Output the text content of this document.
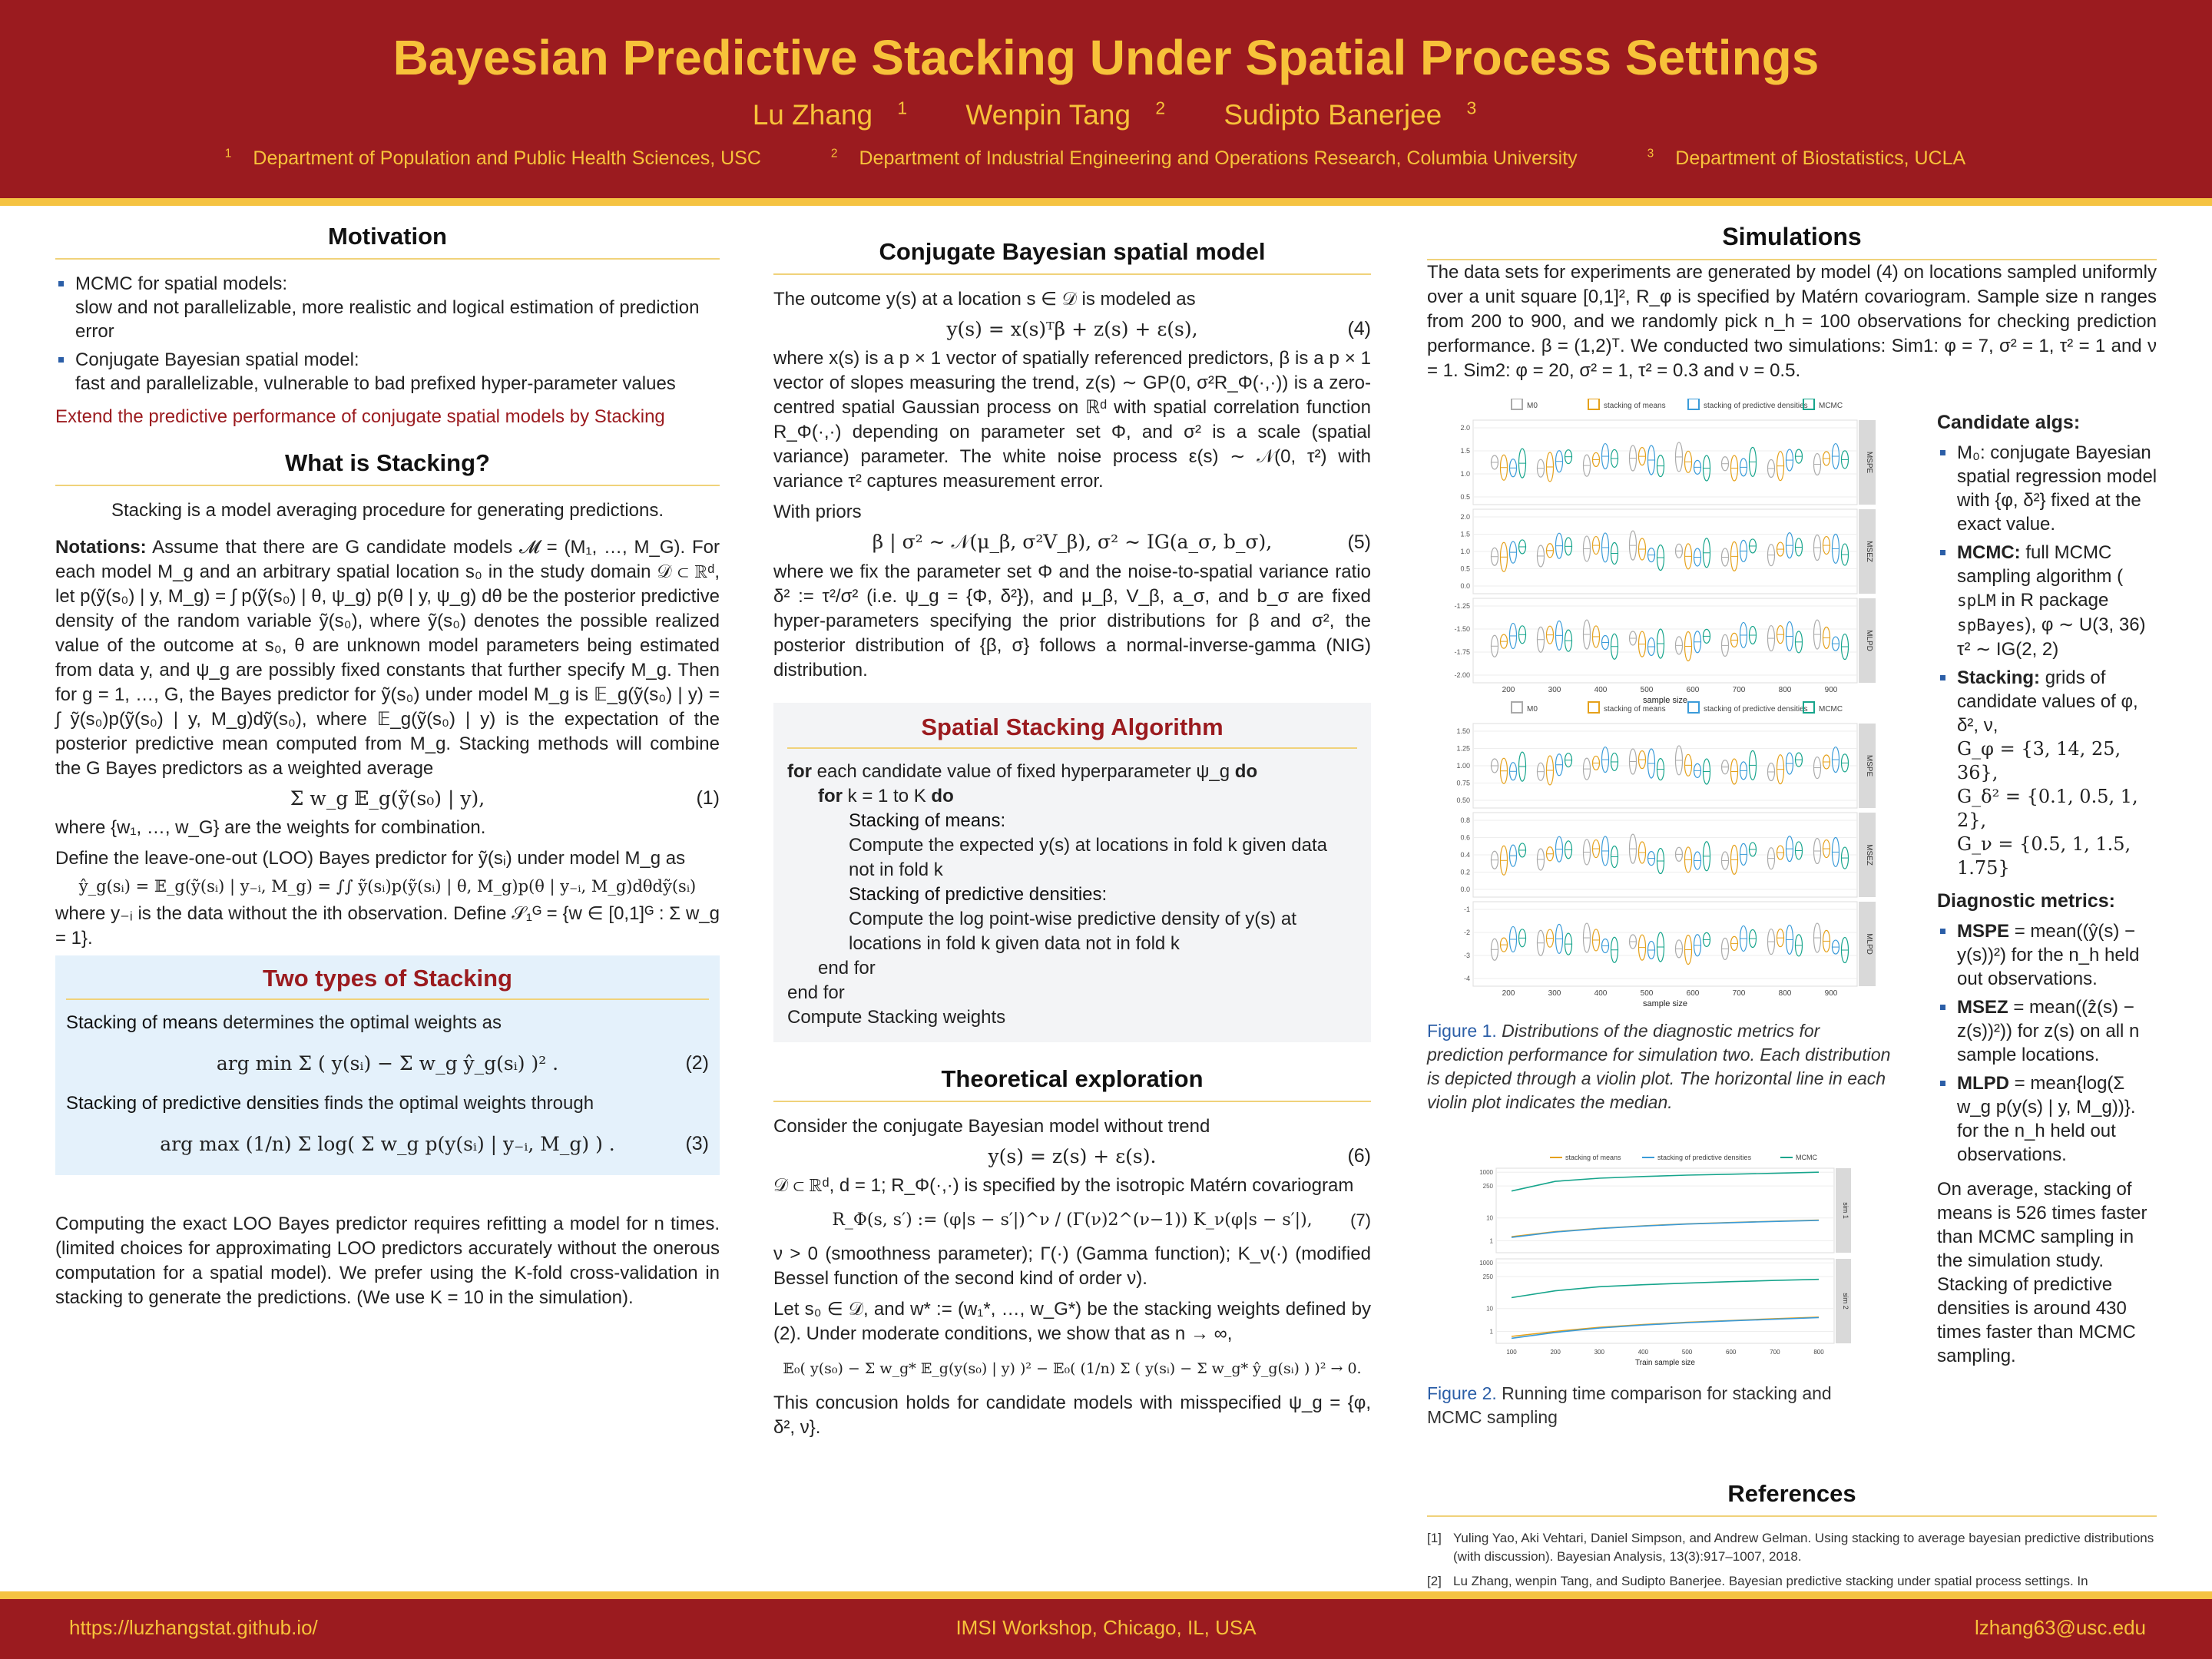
Bayesian Predictive Stacking Under Spatial Process Settings
Lu Zhang $^1$ Wenpin Tang $^2$ Sudipto Banerjee $^3$
$^1$ Department of Population and Public Health Sciences, USC	$^2$ Department of Industrial Engineering and Operations Research, Columbia University	$^3$ Department of Biostatistics, UCLA
Motivation
MCMC for spatial models:
slow and not parallelizable, more realistic and logical estimation of prediction error
Conjugate Bayesian spatial model:
fast and parallelizable, vulnerable to bad prefixed hyper-parameter values
Extend the predictive performance of conjugate spatial models by Stacking
What is Stacking?
Stacking is a model averaging procedure for generating predictions.
Notations: Assume that there are G candidate models 𝓜 = (M₁, …, M_G). For each model M_g and an arbitrary spatial location s₀ in the study domain 𝒟 ⊂ ℝᵈ, let p(ỹ(s₀) | y, M_g) = ∫ p(ỹ(s₀) | θ, ψ_g) p(θ | y, ψ_g) dθ be the posterior predictive density of the random variable ỹ(s₀), where ỹ(s₀) denotes the possible realized value of the outcome at s₀, θ are unknown model parameters being estimated from data y, and ψ_g are possibly fixed constants that further specify M_g. Then for g = 1, …, G, the Bayes predictor for ỹ(s₀) under model M_g is 𝔼_g(ỹ(s₀) | y) = ∫ ỹ(s₀)p(ỹ(s₀) | y, M_g)dỹ(s₀), where 𝔼_g(ỹ(s₀) | y) is the expectation of the posterior predictive mean computed from M_g. Stacking methods will combine the G Bayes predictors as a weighted average
Σ w_g 𝔼_g(ỹ(s₀) | y),	(1)
where {w₁, …, w_G} are the weights for combination.
Define the leave-one-out (LOO) Bayes predictor for ỹ(sᵢ) under model M_g as
ŷ_g(sᵢ) = 𝔼_g(ỹ(sᵢ) | y₋ᵢ, M_g) = ∫∫ ỹ(sᵢ)p(ỹ(sᵢ) | θ, M_g)p(θ | y₋ᵢ, M_g)dθdỹ(sᵢ)
where y₋ᵢ is the data without the ith observation. Define 𝒮₁ᴳ = {w ∈ [0,1]ᴳ : Σ w_g = 1}.
Two types of Stacking
Stacking of means determines the optimal weights as
arg min Σ ( y(sᵢ) − Σ w_g ŷ_g(sᵢ) )² .	(2)
Stacking of predictive densities finds the optimal weights through
arg max (1/n) Σ log( Σ w_g p(y(sᵢ) | y₋ᵢ, M_g) ) .	(3)
Computing the exact LOO Bayes predictor requires refitting a model for n times. (limited choices for approximating LOO predictors accurately without the onerous computation for a spatial model). We prefer using the K-fold cross-validation in stacking to generate the predictions. (We use K = 10 in the simulation).
Conjugate Bayesian spatial model
The outcome y(s) at a location s ∈ 𝒟 is modeled as
y(s) = x(s)ᵀβ + z(s) + ε(s),	(4)
where x(s) is a p × 1 vector of spatially referenced predictors, β is a p × 1 vector of slopes measuring the trend, z(s) ∼ GP(0, σ²R_Φ(·,·)) is a zero-centred spatial Gaussian process on ℝᵈ with spatial correlation function R_Φ(·,·) depending on parameter set Φ, and σ² is a scale (spatial variance) parameter. The white noise process ε(s) ∼ 𝒩(0, τ²) with variance τ² captures measurement error.
With priors
β | σ² ∼ 𝒩(μ_β, σ²V_β), σ² ∼ IG(a_σ, b_σ),	(5)
where we fix the parameter set Φ and the noise-to-spatial variance ratio δ² := τ²/σ² (i.e. ψ_g = {Φ, δ²}), and μ_β, V_β, a_σ, and b_σ are fixed hyper-parameters specifying the prior distributions for β and σ², the posterior distribution of {β, σ} follows a normal-inverse-gamma (NIG) distribution.
Spatial Stacking Algorithm
for each candidate value of fixed hyperparameter ψ_g do
for k = 1 to K do
Stacking of means:
Compute the expected y(s) at locations in fold k given data not in fold k
Stacking of predictive densities:
Compute the log point-wise predictive density of y(s) at locations in fold k given data not in fold k
end for
end for
Compute Stacking weights
Theoretical exploration
Consider the conjugate Bayesian model without trend
y(s) = z(s) + ε(s).	(6)
𝒟 ⊂ ℝᵈ, d = 1; R_Φ(·,·) is specified by the isotropic Matérn covariogram
R_Φ(s, s′) := (φ|s − s′|)^ν / (Γ(ν)2^(ν−1)) K_ν(φ|s − s′|), (7)
ν > 0 (smoothness parameter); Γ(·) (Gamma function); K_ν(·) (modified Bessel function of the second kind of order ν).
Let s₀ ∈ 𝒟, and w* := (w₁*, …, w_G*) be the stacking weights defined by (2). Under moderate conditions, we show that as n → ∞,
𝔼₀( y(s₀) − Σ w_g* 𝔼_g(y(s₀) | y) )² − 𝔼₀( (1/n) Σ ( y(sᵢ) − Σ w_g* ŷ_g(sᵢ) ) )² → 0.
This concusion holds for candidate models with misspecified ψ_g = {φ, δ², ν}.
Simulations
The data sets for experiments are generated by model (4) on locations sampled uniformly over a unit square [0,1]², R_φ is specified by Matérn covariogram. Sample size n ranges from 200 to 900, and we randomly pick n_h = 100 observations for checking prediction performance. β = (1,2)ᵀ. We conducted two simulations: Sim1: φ = 7, σ² = 1, τ² = 1 and ν = 1. Sim2: φ = 20, σ² = 1, τ² = 0.3 and ν = 0.5.
M0	stacking of means	stacking of predictive densities MCMC
MSPE
2.0
1.5
1.0
0.5
MSEZ
2.0
1.5
1.0
0.5
0.0
MLPD
-1.25
-1.50
-1.75
-2.00
200	300	400	500	600	700	800	900
sample size
M0	stacking of means	stacking of predictive densities MCMC
MSPE
1.50
1.25
1.00
0.75
0.50
MSEZ
0.8
0.6
0.4
0.2
0.0
MLPD
-1
-2
-3
-4
200	300	400	500	600	700	800	900
sample size
Figure 1. Distributions of the diagnostic metrics for prediction performance for simulation two. Each distribution is depicted through a violin plot. The horizontal line in each violin plot indicates the median.
stacking of means	stacking of predictive densities	MCMC
sim 1
1000
250
10
1
sim 2
1000
250
10
1
100	200	300	400	500	600	700	800
Train sample size
Figure 2. Running time comparison for stacking and MCMC sampling
Candidate algs:
M₀: conjugate Bayesian spatial regression model with {φ, δ²} fixed at the exact value.
MCMC: full MCMC sampling algorithm ( spLM in R package spBayes), φ ∼ U(3, 36) τ² ∼ IG(2, 2)
Stacking: grids of candidate values of φ, δ², ν,
G_φ = {3, 14, 25, 36},
G_δ² = {0.1, 0.5, 1, 2},
G_ν = {0.5, 1, 1.5, 1.75}
Diagnostic metrics:
MSPE = mean((ŷ(s) − y(s))²) for the n_h held out observations.
MSEZ = mean((ẑ(s) − z(s))²)) for z(s) on all n sample locations.
MLPD = mean{log(Σ w_g p(y(s) | y, M_g))}. for the n_h held out observations.
On average, stacking of means is 526 times faster than MCMC sampling in the simulation study. Stacking of predictive densities is around 430 times faster than MCMC sampling.
References
[1] Yuling Yao, Aki Vehtari, Daniel Simpson, and Andrew Gelman. Using stacking to average bayesian predictive distributions (with discussion). Bayesian Analysis, 13(3):917–1007, 2018.
[2] Lu Zhang, wenpin Tang, and Sudipto Banerjee. Bayesian predictive stacking under spatial process settings. In
https://luzhangstat.github.io/	IMSI Workshop, Chicago, IL, USA	lzhang63@usc.edu
